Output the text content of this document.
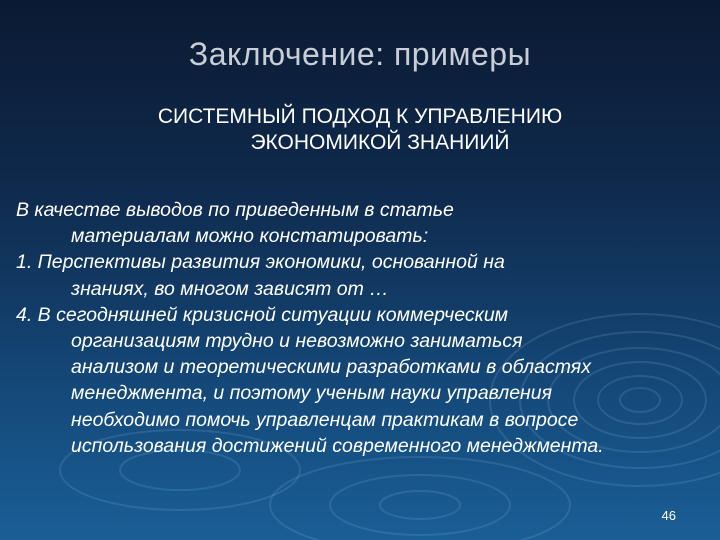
Заключение: примеры
СИСТЕМНЫЙ ПОДХОД К УПРАВЛЕНИЮ
ЭКОНОМИКОЙ ЗНАНИИЙ

В качестве выводов по приведенным в статье
материалам можно констатировать:

1. Перспективы развития экономики, основанной на
знаниях, во многом зависят от …

4. В сегодняшней кризисной ситуации коммерческим
организациям трудно и невозможно заниматься
анализом и теоретическими разработками в областях
менеджмента, и поэтому ученым науки управления
необходимо помочь управленцам практикам в вопросе
использования достижений современного менеджмента.

46
